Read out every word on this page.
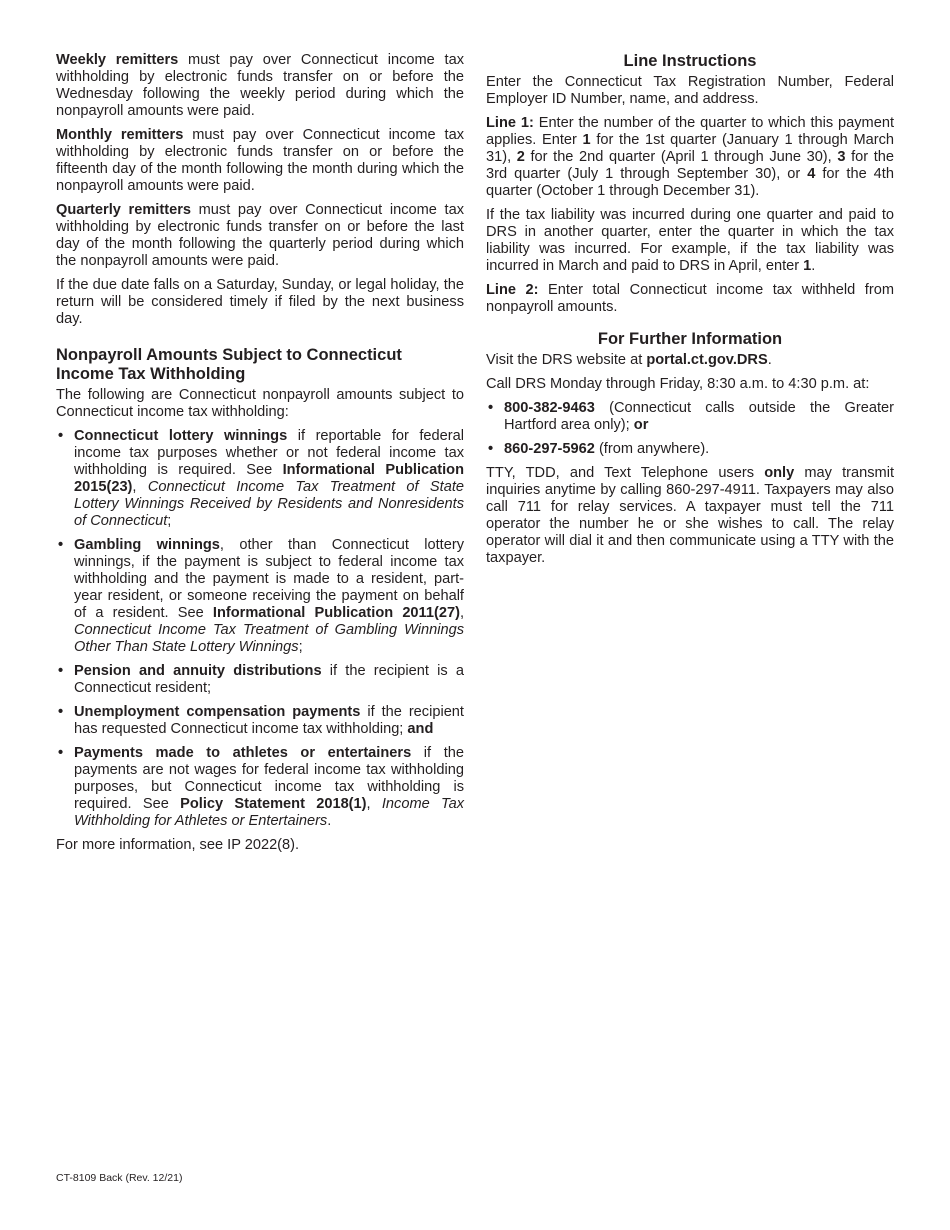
Weekly remitters must pay over Connecticut income tax withholding by electronic funds transfer on or before the Wednesday following the weekly period during which the nonpayroll amounts were paid.

Monthly remitters must pay over Connecticut income tax withholding by electronic funds transfer on or before the fifteenth day of the month following the month during which the nonpayroll amounts were paid.

Quarterly remitters must pay over Connecticut income tax withholding by electronic funds transfer on or before the last day of the month following the quarterly period during which the nonpayroll amounts were paid.

If the due date falls on a Saturday, Sunday, or legal holiday, the return will be considered timely if filed by the next business day.

Nonpayroll Amounts Subject to Connecticut Income Tax Withholding

The following are Connecticut nonpayroll amounts subject to Connecticut income tax withholding:

• Connecticut lottery winnings if reportable for federal income tax purposes whether or not federal income tax withholding is required. See Informational Publication 2015(23), Connecticut Income Tax Treatment of State Lottery Winnings Received by Residents and Nonresidents of Connecticut;
• Gambling winnings, other than Connecticut lottery winnings, if the payment is subject to federal income tax withholding and the payment is made to a resident, part-year resident, or someone receiving the payment on behalf of a resident. See Informational Publication 2011(27), Connecticut Income Tax Treatment of Gambling Winnings Other Than State Lottery Winnings;
• Pension and annuity distributions if the recipient is a Connecticut resident;
• Unemployment compensation payments if the recipient has requested Connecticut income tax withholding; and
• Payments made to athletes or entertainers if the payments are not wages for federal income tax withholding purposes, but Connecticut income tax withholding is required. See Policy Statement 2018(1), Income Tax Withholding for Athletes or Entertainers.

For more information, see IP 2022(8).

Line Instructions

Enter the Connecticut Tax Registration Number, Federal Employer ID Number, name, and address.

Line 1: Enter the number of the quarter to which this payment applies. Enter 1 for the 1st quarter (January 1 through March 31), 2 for the 2nd quarter (April 1 through June 30), 3 for the 3rd quarter (July 1 through September 30), or 4 for the 4th quarter (October 1 through December 31).

If the tax liability was incurred during one quarter and paid to DRS in another quarter, enter the quarter in which the tax liability was incurred. For example, if the tax liability was incurred in March and paid to DRS in April, enter 1.

Line 2: Enter total Connecticut income tax withheld from nonpayroll amounts.

For Further Information

Visit the DRS website at portal.ct.gov.DRS.

Call DRS Monday through Friday, 8:30 a.m. to 4:30 p.m. at:

• 800-382-9463 (Connecticut calls outside the Greater Hartford area only); or
• 860-297-5962 (from anywhere).

TTY, TDD, and Text Telephone users only may transmit inquiries anytime by calling 860-297-4911. Taxpayers may also call 711 for relay services. A taxpayer must tell the 711 operator the number he or she wishes to call. The relay operator will dial it and then communicate using a TTY with the taxpayer.

CT-8109 Back (Rev. 12/21)
